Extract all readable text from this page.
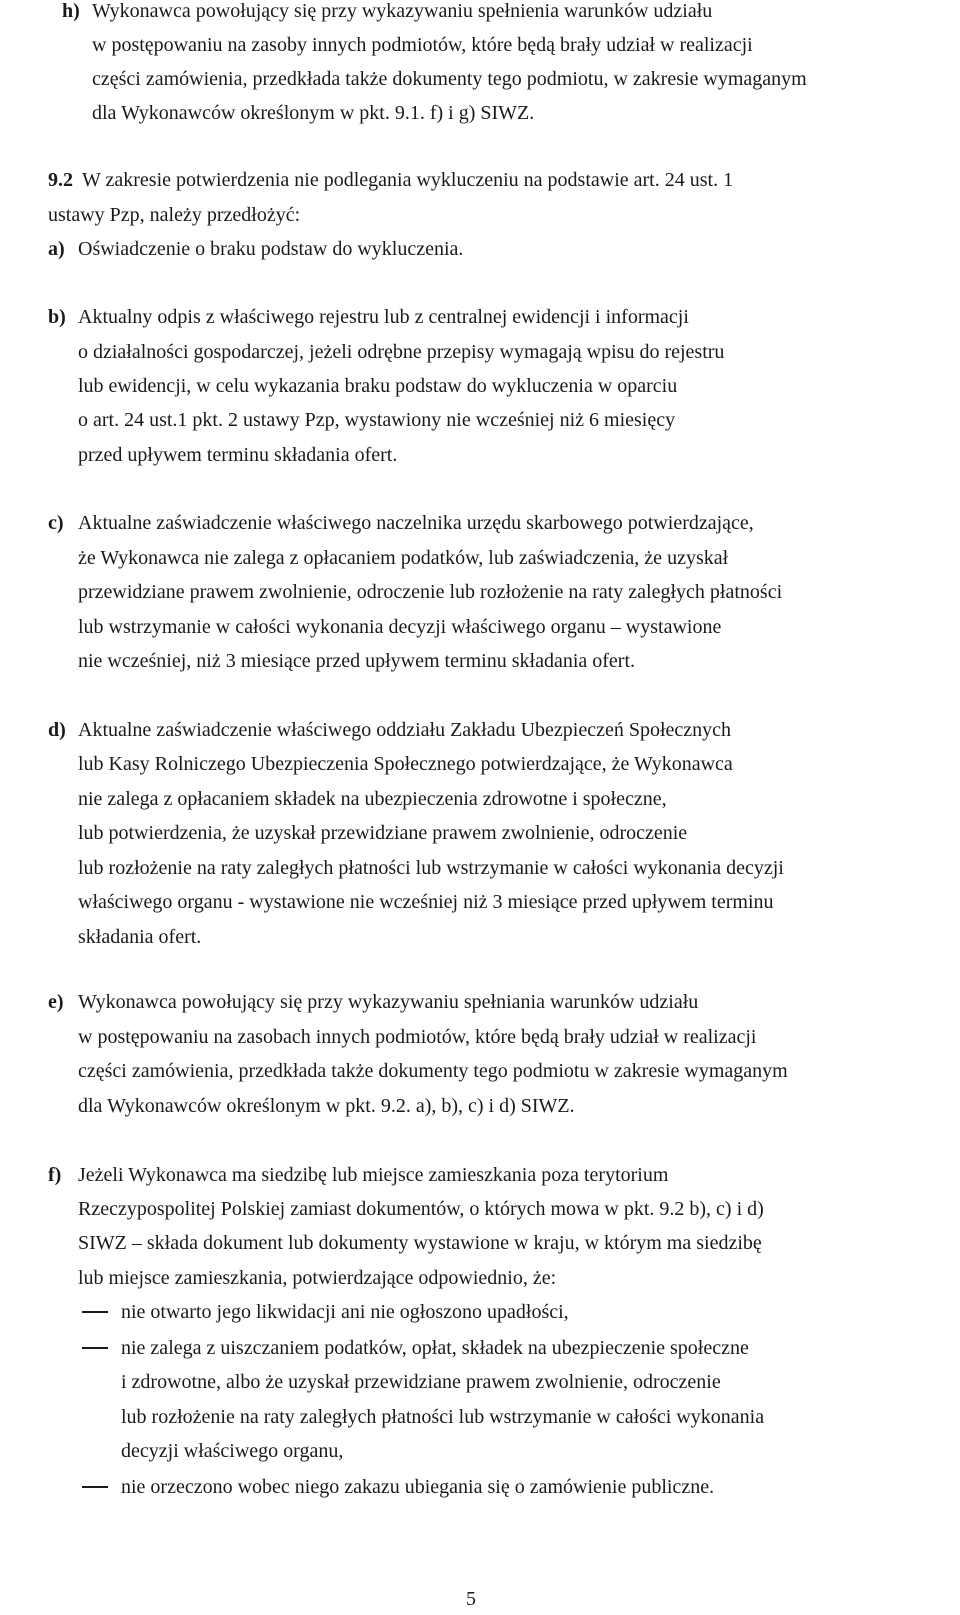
h) Wykonawca powołujący się przy wykazywaniu spełnienia warunków udziału
w postępowaniu na zasoby innych podmiotów, które będą brały udział w realizacji
części zamówienia, przedkłada także dokumenty tego podmiotu, w zakresie wymaganym
dla Wykonawców określonym w pkt. 9.1. f) i g) SIWZ.
9.2 W zakresie potwierdzenia nie podlegania wykluczeniu na podstawie art. 24 ust. 1
ustawy Pzp, należy przedłożyć:
a) Oświadczenie o braku podstaw do wykluczenia.
b) Aktualny odpis z właściwego rejestru lub z centralnej ewidencji i informacji
o działalności gospodarczej, jeżeli odrębne przepisy wymagają wpisu do rejestru
lub ewidencji, w celu wykazania braku podstaw do wykluczenia w oparciu
o art. 24 ust.1 pkt. 2 ustawy Pzp, wystawiony nie wcześniej niż 6 miesięcy
przed upływem terminu składania ofert.
c) Aktualne zaświadczenie właściwego naczelnika urzędu skarbowego potwierdzające,
że Wykonawca nie zalega z opłacaniem podatków, lub zaświadczenia, że uzyskał
przewidziane prawem zwolnienie, odroczenie lub rozłożenie na raty zaległych płatności
lub wstrzymanie w całości wykonania decyzji właściwego organu – wystawione
nie wcześniej, niż 3 miesiące przed upływem terminu składania ofert.
d) Aktualne zaświadczenie właściwego oddziału Zakładu Ubezpieczeń Społecznych
lub Kasy Rolniczego Ubezpieczenia Społecznego potwierdzające, że Wykonawca
nie zalega z opłacaniem składek na ubezpieczenia zdrowotne i społeczne,
lub potwierdzenia, że uzyskał przewidziane prawem zwolnienie, odroczenie
lub rozłożenie na raty zaległych płatności lub wstrzymanie w całości wykonania decyzji
właściwego organu - wystawione nie wcześniej niż 3 miesiące przed upływem terminu
składania ofert.
e) Wykonawca powołujący się przy wykazywaniu spełniania warunków udziału
w postępowaniu na zasobach innych podmiotów, które będą brały udział w realizacji
części zamówienia, przedkłada także dokumenty tego podmiotu w zakresie wymaganym
dla Wykonawców określonym w pkt. 9.2. a), b), c) i d) SIWZ.
f) Jeżeli Wykonawca ma siedzibę lub miejsce zamieszkania poza terytorium
Rzeczypospolitej Polskiej zamiast dokumentów, o których mowa w pkt. 9.2 b), c) i d)
SIWZ – składa dokument lub dokumenty wystawione w kraju, w którym ma siedzibę
lub miejsce zamieszkania, potwierdzające odpowiednio, że:
nie otwarto jego likwidacji ani nie ogłoszono upadłości,
nie zalega z uiszczaniem podatków, opłat, składek na ubezpieczenie społeczne
i zdrowotne, albo że uzyskał przewidziane prawem zwolnienie, odroczenie
lub rozłożenie na raty zaległych płatności lub wstrzymanie w całości wykonania
decyzji właściwego organu,
nie orzeczono wobec niego zakazu ubiegania się o zamówienie publiczne.
5
